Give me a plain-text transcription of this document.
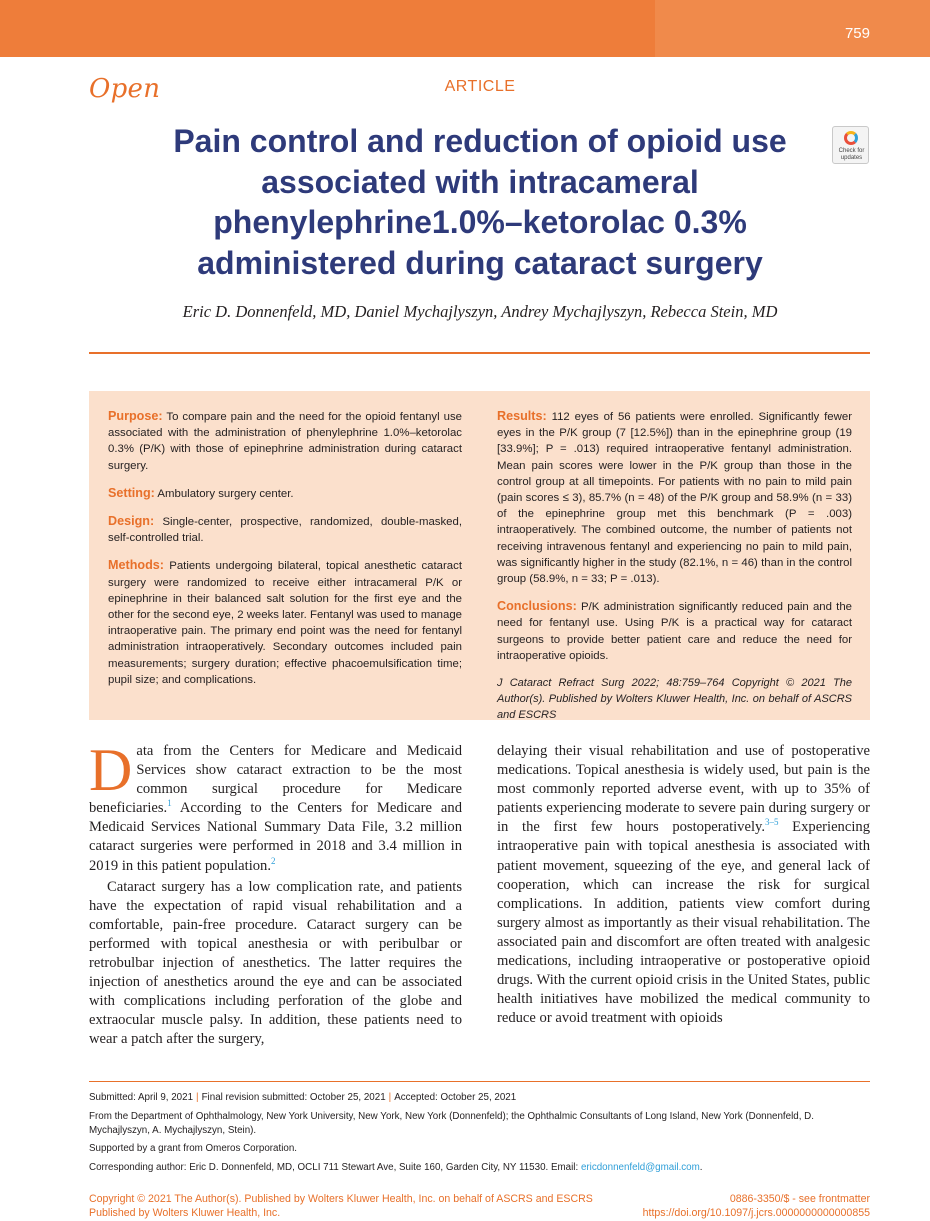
759
Open	ARTICLE
Pain control and reduction of opioid use associated with intracameral phenylephrine1.0%–ketorolac 0.3% administered during cataract surgery
Check for
updates
Eric D. Donnenfeld, MD, Daniel Mychajlyszyn, Andrey Mychajlyszyn, Rebecca Stein, MD

Purpose: To compare pain and the need for the opioid fentanyl use associated with the administration of phenylephrine 1.0%–ketorolac 0.3% (P/K) with those of epinephrine administration during cataract surgery.

Setting: Ambulatory surgery center.

Design: Single-center, prospective, randomized, double-masked, self-controlled trial.

Methods: Patients undergoing bilateral, topical anesthetic cataract surgery were randomized to receive either intracameral P/K or epinephrine in their balanced salt solution for the first eye and the other for the second eye, 2 weeks later. Fentanyl was used to manage intraoperative pain. The primary end point was the need for fentanyl administration intraoperatively. Secondary outcomes included pain measurements; surgery duration; effective phacoemulsification time; pupil size; and complications.

Results: 112 eyes of 56 patients were enrolled. Significantly fewer eyes in the P/K group (7 [12.5%]) than in the epinephrine group (19 [33.9%]; P = .013) required intraoperative fentanyl administration. Mean pain scores were lower in the P/K group than those in the control group at all timepoints. For patients with no pain to mild pain (pain scores ≤ 3), 85.7% (n = 48) of the P/K group and 58.9% (n = 33) of the epinephrine group met this benchmark (P = .003) intraoperatively. The combined outcome, the number of patients not receiving intravenous fentanyl and experiencing no pain to mild pain, was significantly higher in the study (82.1%, n = 46) than in the control group (58.9%, n = 33; P = .013).

Conclusions: P/K administration significantly reduced pain and the need for fentanyl use. Using P/K is a practical way for cataract surgeons to provide better patient care and reduce the need for intraoperative opioids.

J Cataract Refract Surg 2022; 48:759–764 Copyright © 2021 The Author(s). Published by Wolters Kluwer Health, Inc. on behalf of ASCRS and ESCRS

Data from the Centers for Medicare and Medicaid Services show cataract extraction to be the most common surgical procedure for Medicare beneficiaries.$^1$ According to the Centers for Medicare and Medicaid Services National Summary Data File, 3.2 million cataract surgeries were performed in 2018 and 3.4 million in 2019 in this patient population.$^2$

Cataract surgery has a low complication rate, and patients have the expectation of rapid visual rehabilitation and a comfortable, pain-free procedure. Cataract surgery can be performed with topical anesthesia or with peribulbar or retrobulbar injection of anesthetics. The latter requires the injection of anesthetics around the eye and can be associated with complications including perforation of the globe and extraocular muscle palsy. In addition, these patients need to wear a patch after the surgery,

delaying their visual rehabilitation and use of postoperative medications. Topical anesthesia is widely used, but pain is the most commonly reported adverse event, with up to 35% of patients experiencing moderate to severe pain during surgery or in the first few hours postoperatively.$^{3-5}$ Experiencing intraoperative pain with topical anesthesia is associated with patient movement, squeezing of the eye, and general lack of cooperation, which can increase the risk for surgical complications. In addition, patients view comfort during surgery almost as importantly as their visual rehabilitation. The associated pain and discomfort are often treated with analgesic medications, including intraoperative or postoperative opioid drugs. With the current opioid crisis in the United States, public health initiatives have mobilized the medical community to reduce or avoid treatment with opioids

Submitted: April 9, 2021 | Final revision submitted: October 25, 2021 | Accepted: October 25, 2021

From the Department of Ophthalmology, New York University, New York, New York (Donnenfeld); the Ophthalmic Consultants of Long Island, New York (Donnenfeld, D. Mychajlyszyn, A. Mychajlyszyn, Stein).

Supported by a grant from Omeros Corporation.

Corresponding author: Eric D. Donnenfeld, MD, OCLI 711 Stewart Ave, Suite 160, Garden City, NY 11530. Email: ericdonnenfeld@gmail.com.

Copyright © 2021 The Author(s). Published by Wolters Kluwer Health, Inc. on behalf of ASCRS and ESCRS	0886-3350/$ - see frontmatter
Published by Wolters Kluwer Health, Inc.	https://doi.org/10.1097/j.jcrs.0000000000000855
